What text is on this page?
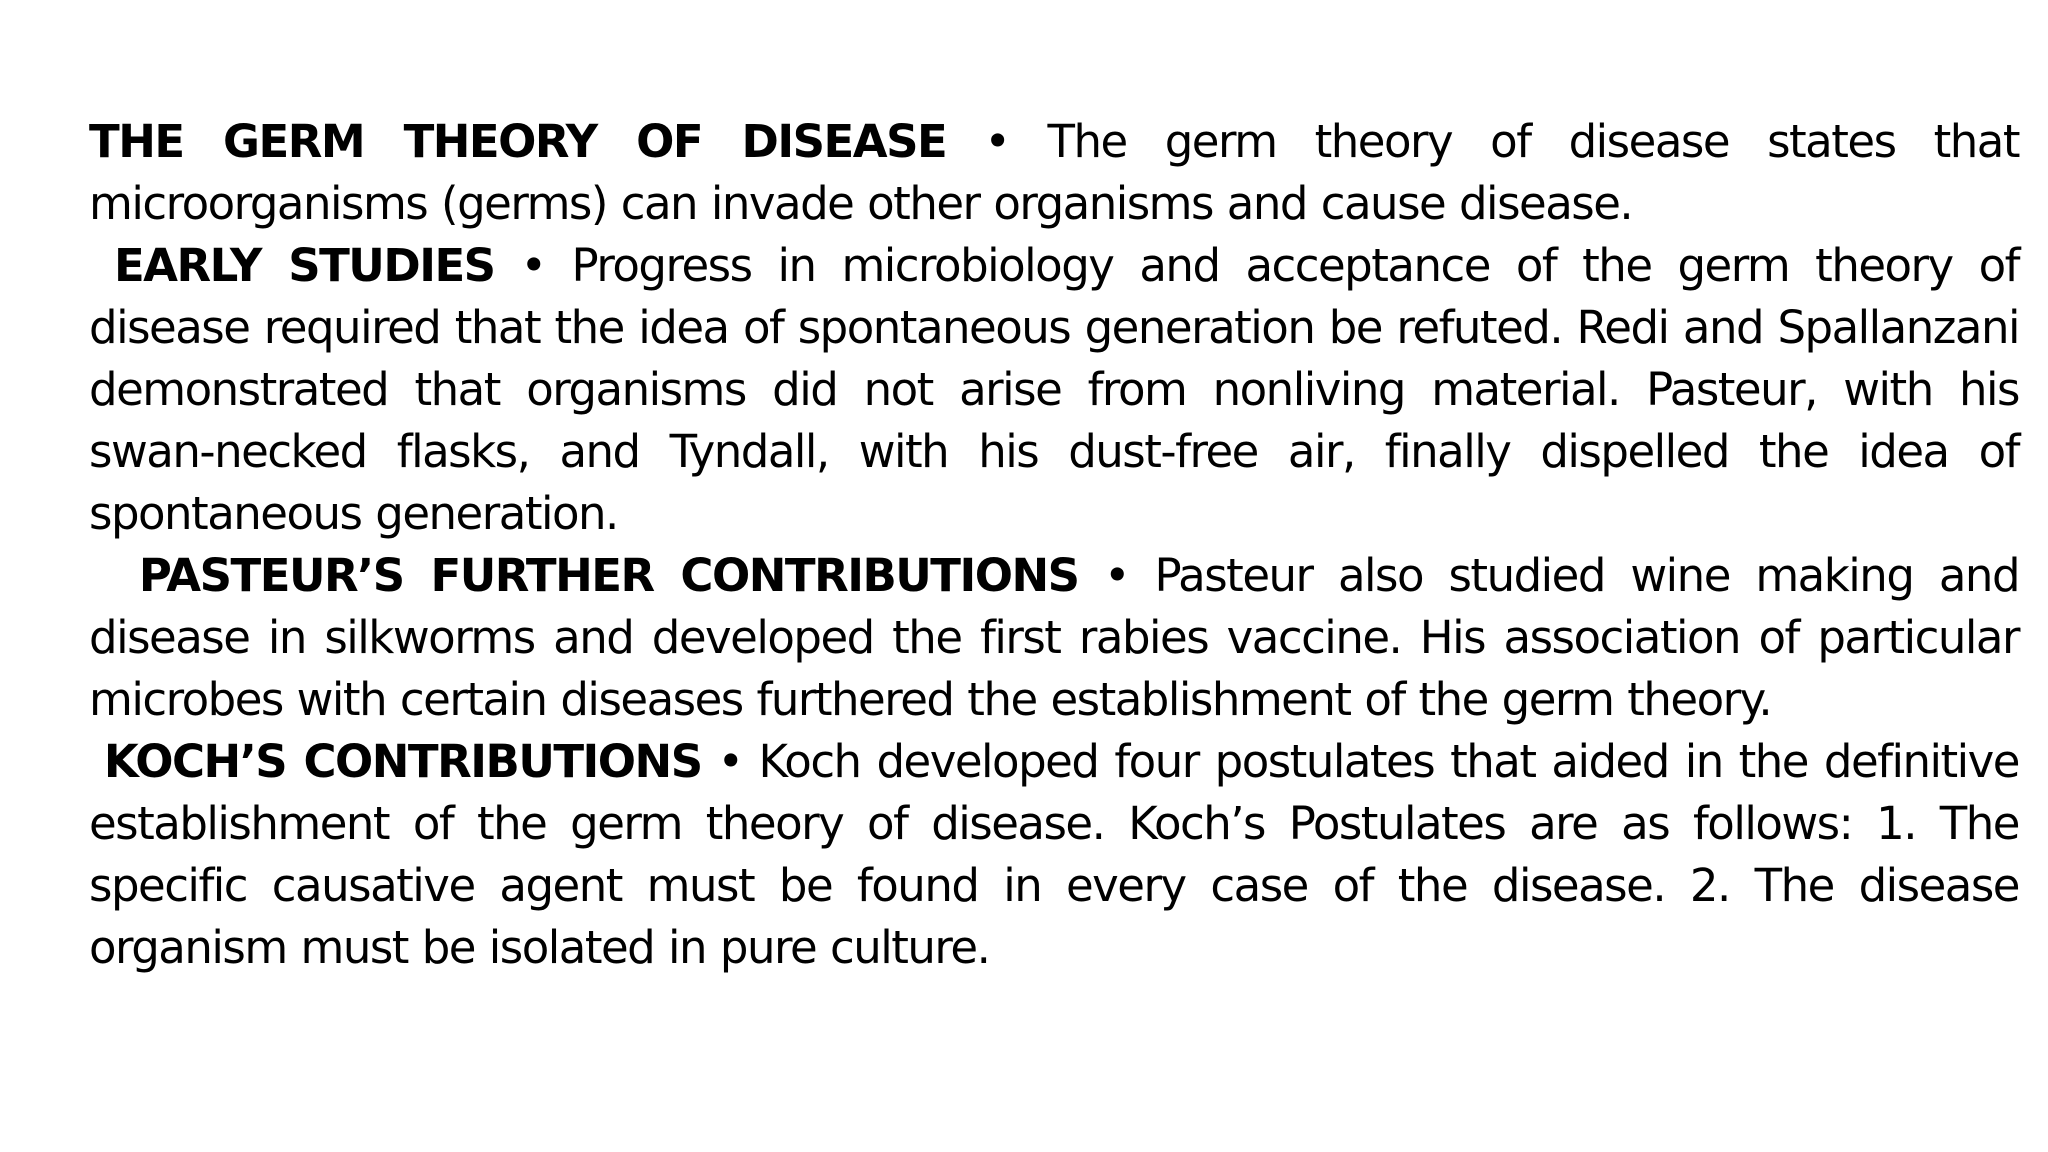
THE GERM THEORY OF DISEASE • The germ theory of disease states that microorganisms (germs) can invade other organisms and cause disease.

EARLY STUDIES • Progress in microbiology and acceptance of the germ theory of disease required that the idea of spontaneous generation be refuted. Redi and Spallanzani demonstrated that organisms did not arise from nonliving material. Pasteur, with his swan-necked flasks, and Tyndall, with his dust-free air, finally dispelled the idea of spontaneous generation.

PASTEUR’S FURTHER CONTRIBUTIONS • Pasteur also studied wine making and disease in silkworms and developed the first rabies vaccine. His association of particular microbes with certain diseases furthered the establishment of the germ theory.

KOCH’S CONTRIBUTIONS • Koch developed four postulates that aided in the definitive establishment of the germ theory of disease. Koch’s Postulates are as follows: 1. The specific causative agent must be found in every case of the disease. 2. The disease organism must be isolated in pure culture.
